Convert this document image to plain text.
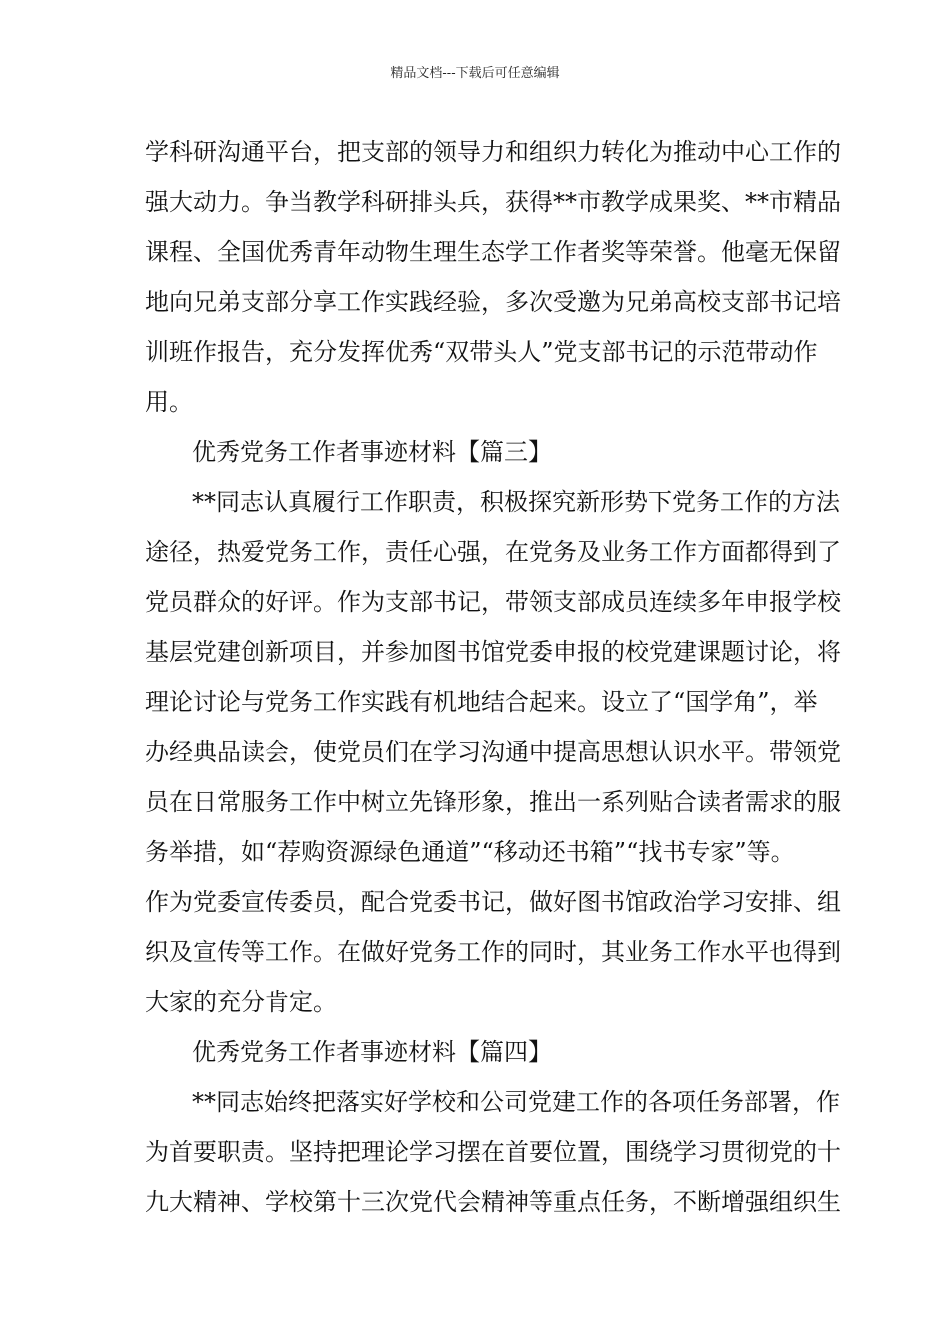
精品文档---下载后可任意编辑
学科研沟通平台，把支部的领导力和组织力转化为推动中心工作的
强大动力。争当教学科研排头兵，获得**市教学成果奖、**市精品
课程、全国优秀青年动物生理生态学工作者奖等荣誉。他毫无保留
地向兄弟支部分享工作实践经验，多次受邀为兄弟高校支部书记培
训班作报告，充分发挥优秀“双带头人”党支部书记的示范带动作
用。
优秀党务工作者事迹材料【篇三】
**同志认真履行工作职责，积极探究新形势下党务工作的方法
途径，热爱党务工作，责任心强，在党务及业务工作方面都得到了
党员群众的好评。作为支部书记，带领支部成员连续多年申报学校
基层党建创新项目，并参加图书馆党委申报的校党建课题讨论，将
理论讨论与党务工作实践有机地结合起来。设立了“国学角”，举
办经典品读会，使党员们在学习沟通中提高思想认识水平。带领党
员在日常服务工作中树立先锋形象，推出一系列贴合读者需求的服
务举措，如“荐购资源绿色通道”“移动还书箱”“找书专家”等。
作为党委宣传委员，配合党委书记，做好图书馆政治学习安排、组
织及宣传等工作。在做好党务工作的同时，其业务工作水平也得到
大家的充分肯定。
优秀党务工作者事迹材料【篇四】
**同志始终把落实好学校和公司党建工作的各项任务部署，作
为首要职责。坚持把理论学习摆在首要位置，围绕学习贯彻党的十
九大精神、学校第十三次党代会精神等重点任务，不断增强组织生
